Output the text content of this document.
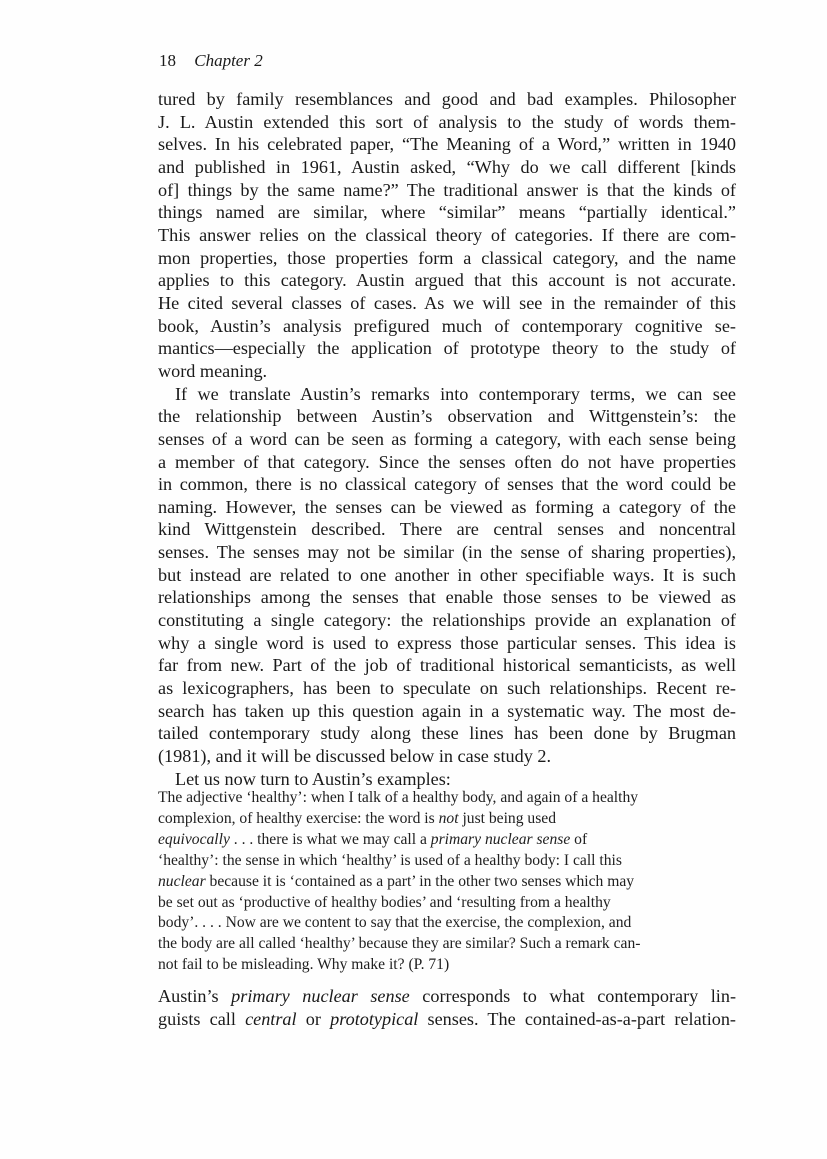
18 Chapter 2
tured by family resemblances and good and bad examples. Philosopher
J. L. Austin extended this sort of analysis to the study of words them-
selves. In his celebrated paper, “The Meaning of a Word,” written in 1940
and published in 1961, Austin asked, “Why do we call different [kinds
of] things by the same name?” The traditional answer is that the kinds of
things named are similar, where “similar” means “partially identical.”
This answer relies on the classical theory of categories. If there are com-
mon properties, those properties form a classical category, and the name
applies to this category. Austin argued that this account is not accurate.
He cited several classes of cases. As we will see in the remainder of this
book, Austin’s analysis prefigured much of contemporary cognitive se-
mantics—especially the application of prototype theory to the study of
word meaning.
If we translate Austin’s remarks into contemporary terms, we can see
the relationship between Austin’s observation and Wittgenstein’s: the
senses of a word can be seen as forming a category, with each sense being
a member of that category. Since the senses often do not have properties
in common, there is no classical category of senses that the word could be
naming. However, the senses can be viewed as forming a category of the
kind Wittgenstein described. There are central senses and noncentral
senses. The senses may not be similar (in the sense of sharing properties),
but instead are related to one another in other specifiable ways. It is such
relationships among the senses that enable those senses to be viewed as
constituting a single category: the relationships provide an explanation of
why a single word is used to express those particular senses. This idea is
far from new. Part of the job of traditional historical semanticists, as well
as lexicographers, has been to speculate on such relationships. Recent re-
search has taken up this question again in a systematic way. The most de-
tailed contemporary study along these lines has been done by Brugman
(1981), and it will be discussed below in case study 2.
Let us now turn to Austin’s examples:
The adjective ‘healthy’: when I talk of a healthy body, and again of a healthy
complexion, of healthy exercise: the word is not just being used
equivocally . . . there is what we may call a primary nuclear sense of
‘healthy’: the sense in which ‘healthy’ is used of a healthy body: I call this
nuclear because it is ‘contained as a part’ in the other two senses which may
be set out as ‘productive of healthy bodies’ and ‘resulting from a healthy
body’. . . . Now are we content to say that the exercise, the complexion, and
the body are all called ‘healthy’ because they are similar? Such a remark can-
not fail to be misleading. Why make it? (P. 71)
Austin’s primary nuclear sense corresponds to what contemporary lin-
guists call central or prototypical senses. The contained-as-a-part relation-
